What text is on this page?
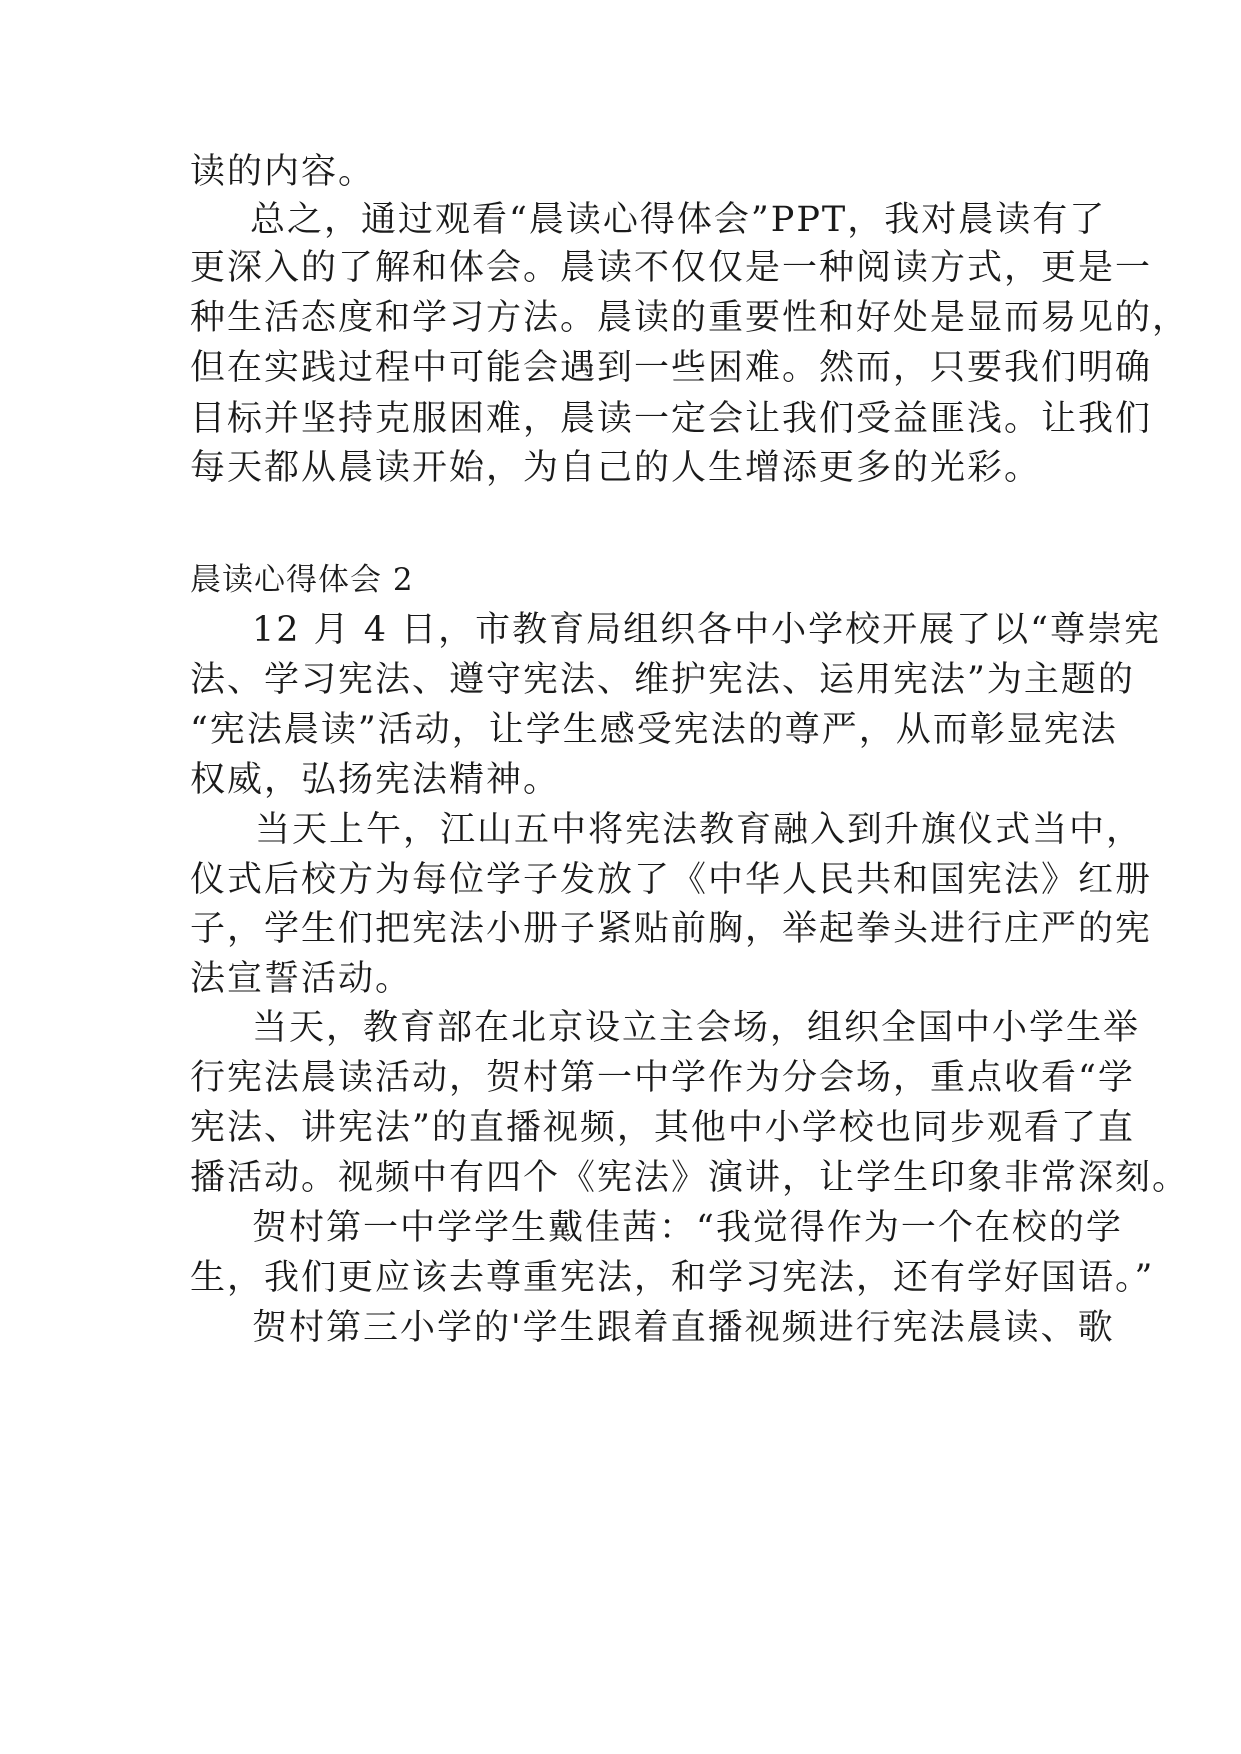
读的内容。
总之，通过观看“晨读心得体会”PPT，我对晨读有了
更深入的了解和体会。晨读不仅仅是一种阅读方式，更是一
种生活态度和学习方法。晨读的重要性和好处是显而易见的，
但在实践过程中可能会遇到一些困难。然而，只要我们明确
目标并坚持克服困难，晨读一定会让我们受益匪浅。让我们
每天都从晨读开始，为自己的人生增添更多的光彩。
晨读心得体会 2
12 月 4 日，市教育局组织各中小学校开展了以“尊崇宪
法、学习宪法、遵守宪法、维护宪法、运用宪法”为主题的
“宪法晨读”活动，让学生感受宪法的尊严，从而彰显宪法
权威，弘扬宪法精神。
当天上午，江山五中将宪法教育融入到升旗仪式当中，
仪式后校方为每位学子发放了《中华人民共和国宪法》红册
子，学生们把宪法小册子紧贴前胸，举起拳头进行庄严的宪
法宣誓活动。
当天，教育部在北京设立主会场，组织全国中小学生举
行宪法晨读活动，贺村第一中学作为分会场，重点收看“学
宪法、讲宪法”的直播视频，其他中小学校也同步观看了直
播活动。视频中有四个《宪法》演讲，让学生印象非常深刻。
贺村第一中学学生戴佳茜：“我觉得作为一个在校的学
生，我们更应该去尊重宪法，和学习宪法，还有学好国语。”
贺村第三小学的'学生跟着直播视频进行宪法晨读、歌
